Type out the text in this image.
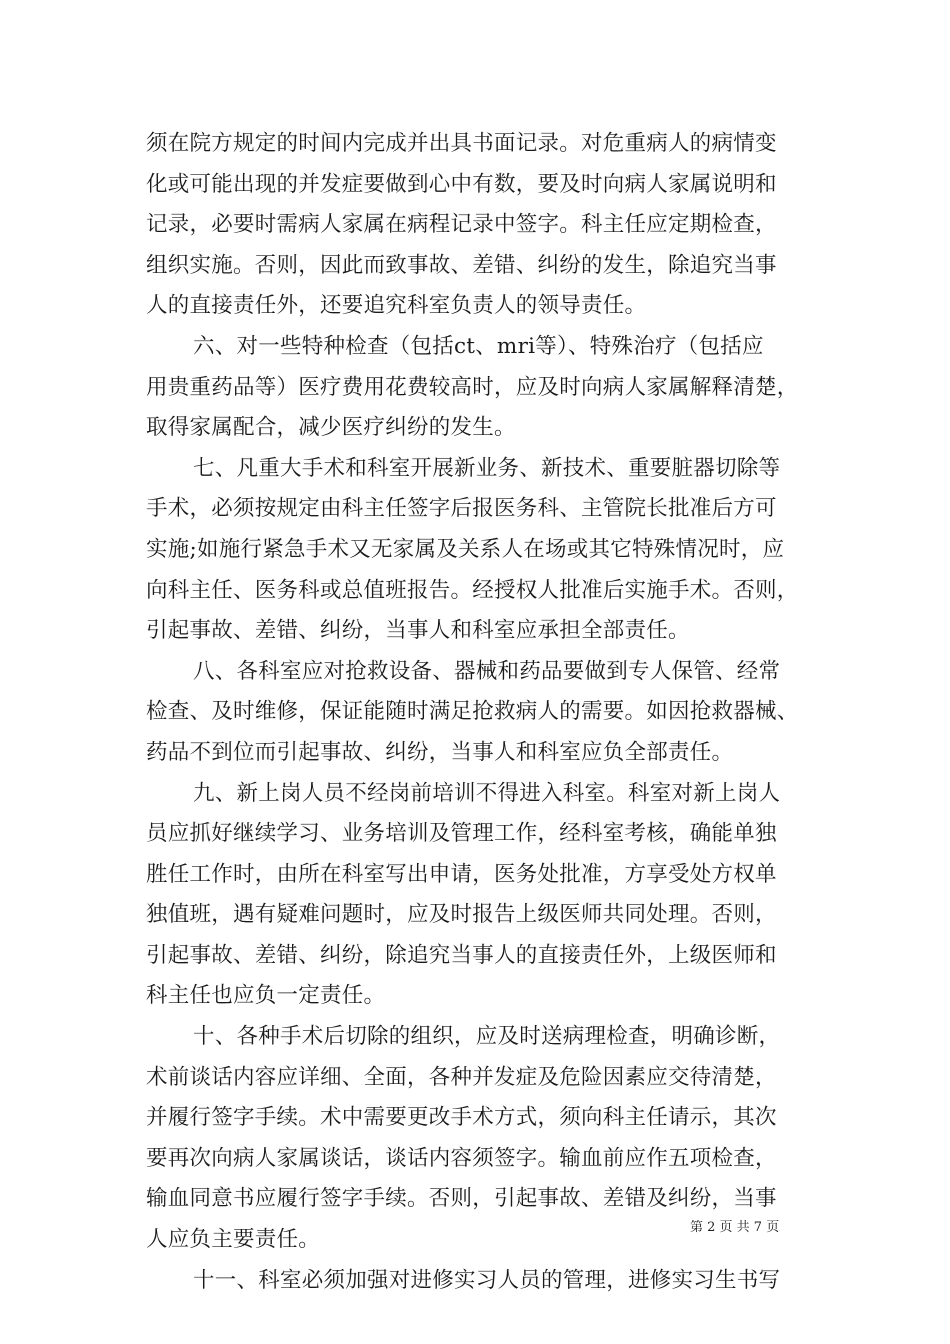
须在院方规定的时间内完成并出具书面记录。对危重病人的病情变
化或可能出现的并发症要做到心中有数，要及时向病人家属说明和
记录，必要时需病人家属在病程记录中签字。科主任应定期检查，
组织实施。否则，因此而致事故、差错、纠纷的发生，除追究当事
人的直接责任外，还要追究科室负责人的领导责任。
六、对一些特种检查（包括ct、mri等）、特殊治疗（包括应
用贵重药品等）医疗费用花费较高时，应及时向病人家属解释清楚，
取得家属配合，减少医疗纠纷的发生。
七、凡重大手术和科室开展新业务、新技术、重要脏器切除等
手术，必须按规定由科主任签字后报医务科、主管院长批准后方可
实施;如施行紧急手术又无家属及关系人在场或其它特殊情况时，应
向科主任、医务科或总值班报告。经授权人批准后实施手术。否则，
引起事故、差错、纠纷，当事人和科室应承担全部责任。
八、各科室应对抢救设备、器械和药品要做到专人保管、经常
检查、及时维修，保证能随时满足抢救病人的需要。如因抢救器械、
药品不到位而引起事故、纠纷，当事人和科室应负全部责任。
九、新上岗人员不经岗前培训不得进入科室。科室对新上岗人
员应抓好继续学习、业务培训及管理工作，经科室考核，确能单独
胜任工作时，由所在科室写出申请，医务处批准，方享受处方权单
独值班，遇有疑难问题时，应及时报告上级医师共同处理。否则，
引起事故、差错、纠纷，除追究当事人的直接责任外，上级医师和
科主任也应负一定责任。
十、各种手术后切除的组织，应及时送病理检查，明确诊断，
术前谈话内容应详细、全面，各种并发症及危险因素应交待清楚，
并履行签字手续。术中需要更改手术方式，须向科主任请示，其次
要再次向病人家属谈话，谈话内容须签字。输血前应作五项检查，
输血同意书应履行签字手续。否则，引起事故、差错及纠纷，当事
人应负主要责任。
十一、科室必须加强对进修实习人员的管理，进修实习生书写
第 2 页 共 7 页
